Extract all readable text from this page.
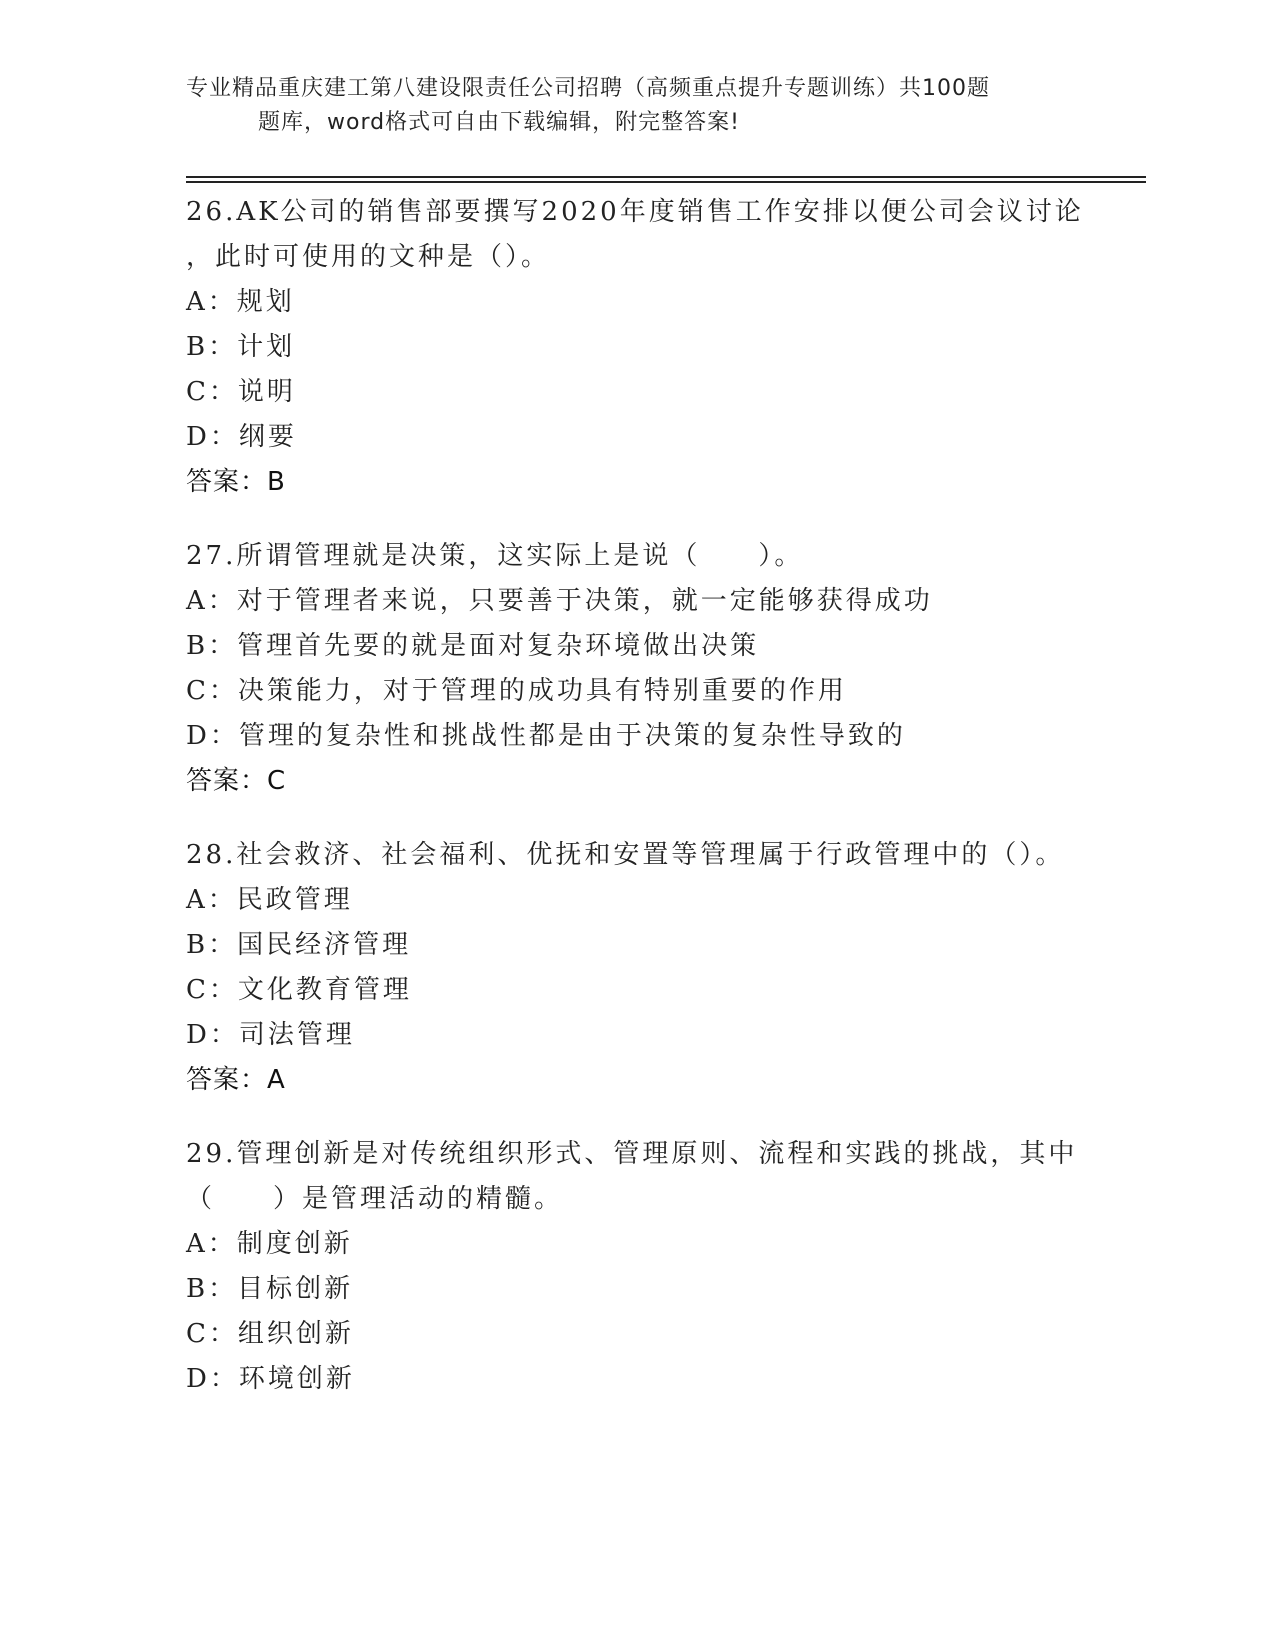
专业精品重庆建工第八建设限责任公司招聘（高频重点提升专题训练）共100题
题库，word格式可自由下载编辑，附完整答案!
26.AK公司的销售部要撰写2020年度销售工作安排以便公司会议讨论
，此时可使用的文种是（）。
A：规划
B：计划
C：说明
D：纲要
答案：B
27.所谓管理就是决策，这实际上是说（　　）。
A：对于管理者来说，只要善于决策，就一定能够获得成功
B：管理首先要的就是面对复杂环境做出决策
C：决策能力，对于管理的成功具有特别重要的作用
D：管理的复杂性和挑战性都是由于决策的复杂性导致的
答案：C
28.社会救济、社会福利、优抚和安置等管理属于行政管理中的（）。
A：民政管理
B：国民经济管理
C：文化教育管理
D：司法管理
答案：A
29.管理创新是对传统组织形式、管理原则、流程和实践的挑战，其中
（　　）是管理活动的精髓。
A：制度创新
B：目标创新
C：组织创新
D：环境创新
